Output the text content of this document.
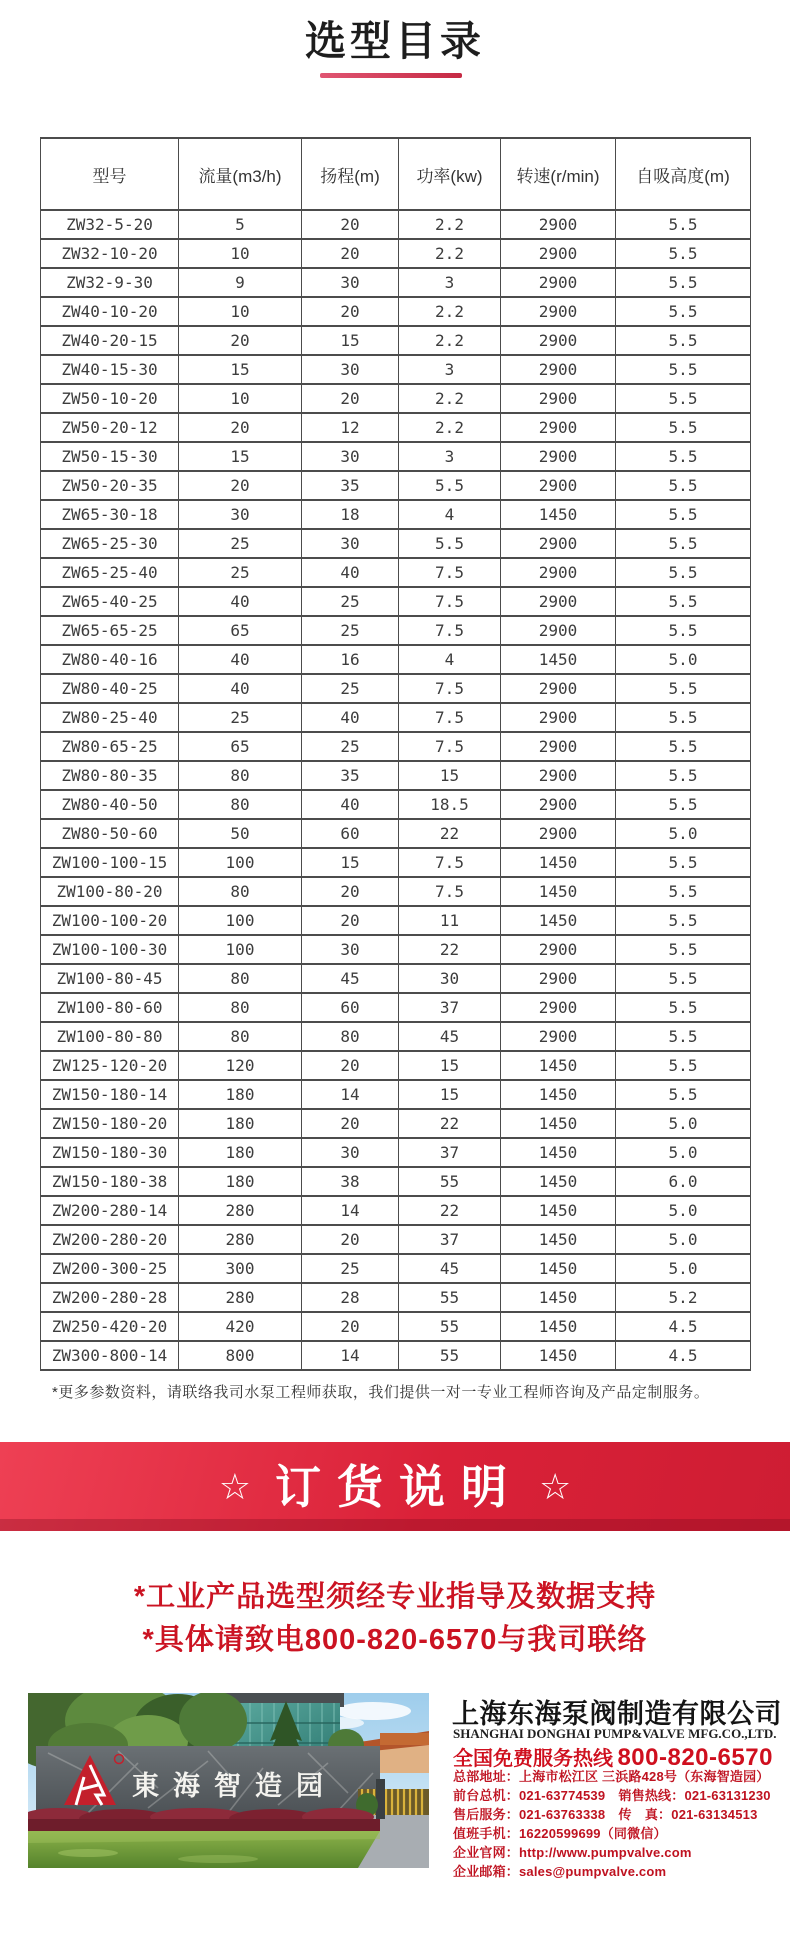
选型目录
型号	流量(m3/h)	扬程(m)	功率(kw)	转速(r/min)	自吸高度(m)
ZW32-5-20	5	20	2.2	2900	5.5
ZW32-10-20	10	20	2.2	2900	5.5
ZW32-9-30	9	30	3	2900	5.5
ZW40-10-20	10	20	2.2	2900	5.5
ZW40-20-15	20	15	2.2	2900	5.5
ZW40-15-30	15	30	3	2900	5.5
ZW50-10-20	10	20	2.2	2900	5.5
ZW50-20-12	20	12	2.2	2900	5.5
ZW50-15-30	15	30	3	2900	5.5
ZW50-20-35	20	35	5.5	2900	5.5
ZW65-30-18	30	18	4	1450	5.5
ZW65-25-30	25	30	5.5	2900	5.5
ZW65-25-40	25	40	7.5	2900	5.5
ZW65-40-25	40	25	7.5	2900	5.5
ZW65-65-25	65	25	7.5	2900	5.5
ZW80-40-16	40	16	4	1450	5.0
ZW80-40-25	40	25	7.5	2900	5.5
ZW80-25-40	25	40	7.5	2900	5.5
ZW80-65-25	65	25	7.5	2900	5.5
ZW80-80-35	80	35	15	2900	5.5
ZW80-40-50	80	40	18.5	2900	5.5
ZW80-50-60	50	60	22	2900	5.0
ZW100-100-15	100	15	7.5	1450	5.5
ZW100-80-20	80	20	7.5	1450	5.5
ZW100-100-20	100	20	11	1450	5.5
ZW100-100-30	100	30	22	2900	5.5
ZW100-80-45	80	45	30	2900	5.5
ZW100-80-60	80	60	37	2900	5.5
ZW100-80-80	80	80	45	2900	5.5
ZW125-120-20	120	20	15	1450	5.5
ZW150-180-14	180	14	15	1450	5.5
ZW150-180-20	180	20	22	1450	5.0
ZW150-180-30	180	30	37	1450	5.0
ZW150-180-38	180	38	55	1450	6.0
ZW200-280-14	280	14	22	1450	5.0
ZW200-280-20	280	20	37	1450	5.0
ZW200-300-25	300	25	45	1450	5.0
ZW200-280-28	280	28	55	1450	5.2
ZW250-420-20	420	20	55	1450	4.5
ZW300-800-14	800	14	55	1450	4.5
*更多参数资料，请联络我司水泵工程师获取，我们提供一对一专业工程师咨询及产品定制服务。
☆ 订货说明 ☆
*工业产品选型须经专业指导及数据支持
*具体请致电800-820-6570与我司联络
東海智造园
上海东海泵阀制造有限公司
SHANGHAI DONGHAI PUMP&VALVE MFG.CO.,LTD.
全国免费服务热线 800-820-6570
总部地址：上海市松江区 三浜路428号（东海智造园）
前台总机：021-63774539　销售热线：021-63131230
售后服务：021-63763338　传　真：021-63134513
值班手机：16220599699（同微信）
企业官网：http://www.pumpvalve.com
企业邮箱：sales@pumpvalve.com
